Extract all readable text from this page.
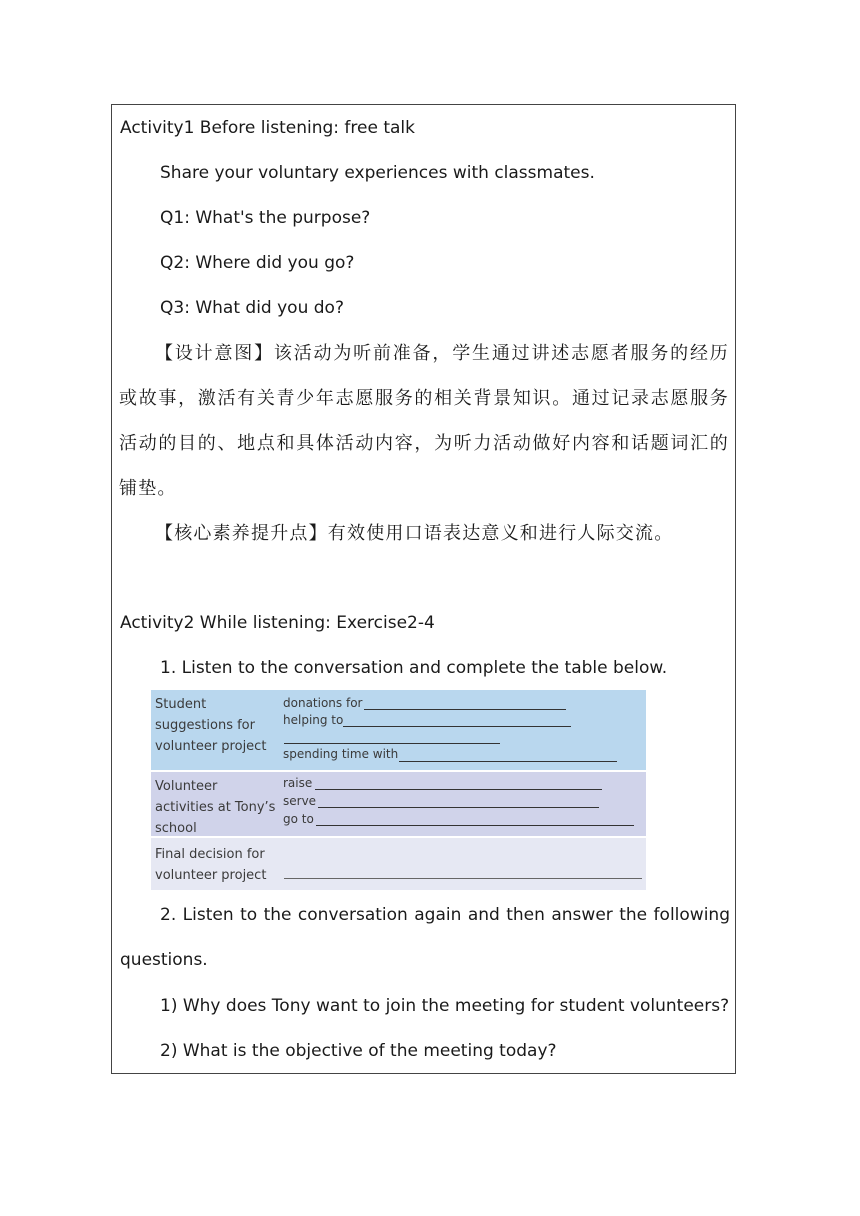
Activity1 Before listening: free talk
Share your voluntary experiences with classmates.
Q1: What's the purpose?
Q2: Where did you go?
Q3: What did you do?

【设计意图】该活动为听前准备，学生通过讲述志愿者服务的经历或故事，激活有关青少年志愿服务的相关背景知识。通过记录志愿服务活动的目的、地点和具体活动内容，为听力活动做好内容和话题词汇的铺垫。

【核心素养提升点】有效使用口语表达意义和进行人际交流。

Activity2 While listening: Exercise2-4
1. Listen to the conversation and complete the table below.
Student suggestions for volunteer project
donations for
helping to
spending time with
Volunteer activities at Tony’s school
raise
serve
go to
Final decision for volunteer project
2. Listen to the conversation again and then answer the following questions.
1) Why does Tony want to join the meeting for student volunteers?
2) What is the objective of the meeting today?
